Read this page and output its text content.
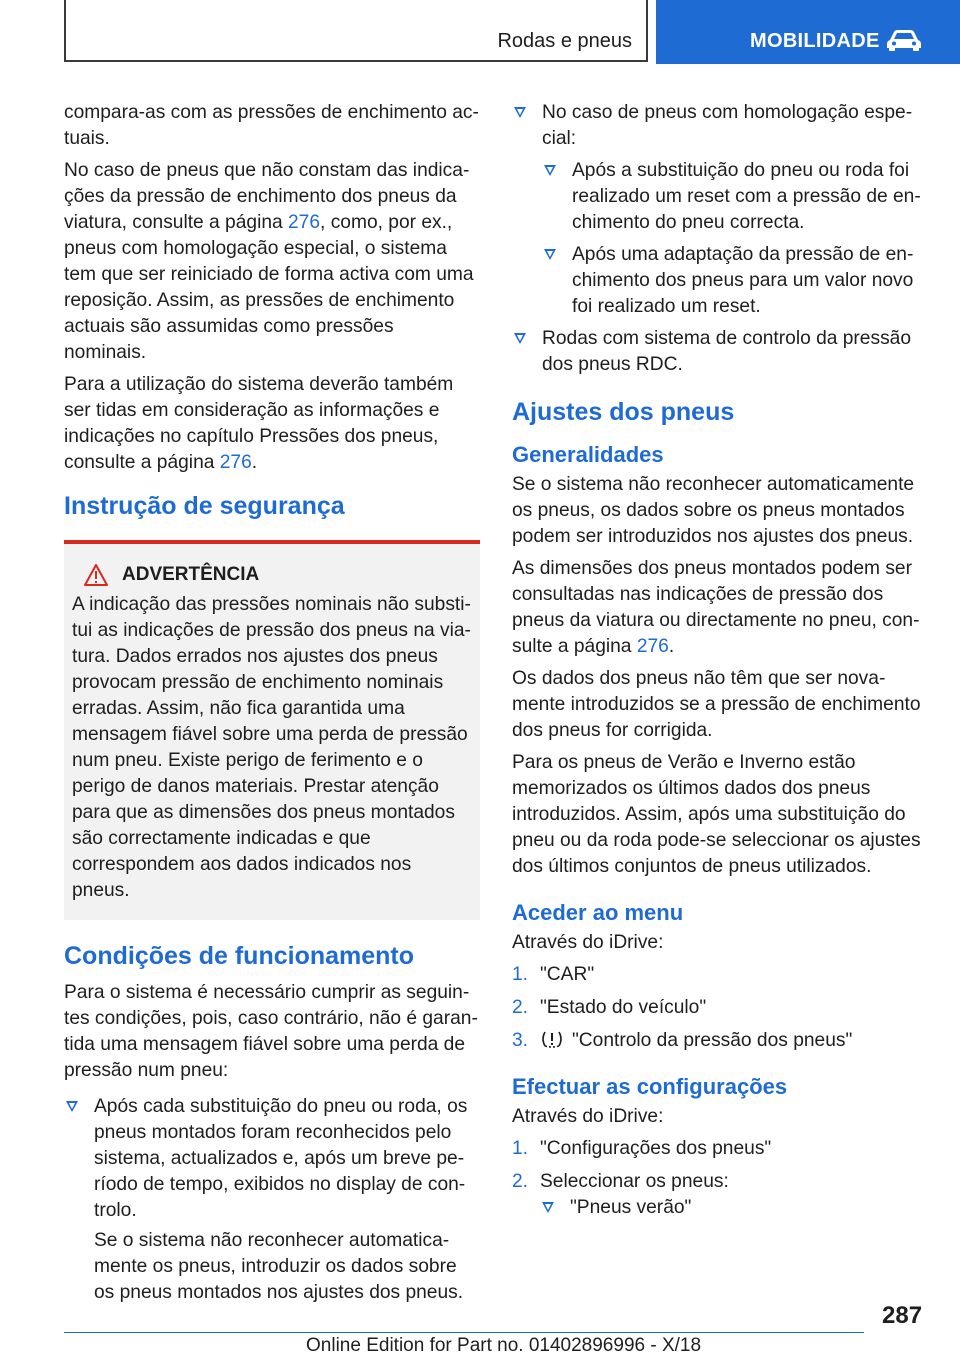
Rodas e pneus	MOBILIDADE

compara-as com as pressões de enchimento actuais.

No caso de pneus que não constam das indicações da pressão de enchimento dos pneus da viatura, consulte a página 276, como, por ex., pneus com homologação especial, o sistema tem que ser reiniciado de forma activa com uma reposição. Assim, as pressões de enchimento actuais são assumidas como pressões nominais.

Para a utilização do sistema deverão também ser tidas em consideração as informações e indicações no capítulo Pressões dos pneus, consulte a página 276.

Instrução de segurança
ADVERTÊNCIA

A indicação das pressões nominais não substitui as indicações de pressão dos pneus na viatura. Dados errados nos ajustes dos pneus provocam pressão de enchimento nominais erradas. Assim, não fica garantida uma mensagem fiável sobre uma perda de pressão num pneu. Existe perigo de ferimento e o perigo de danos materiais. Prestar atenção para que as dimensões dos pneus montados são correctamente indicadas e que correspondem aos dados indicados nos pneus.

Condições de funcionamento

Para o sistema é necessário cumprir as seguintes condições, pois, caso contrário, não é garantida uma mensagem fiável sobre uma perda de pressão num pneu:

Após cada substituição do pneu ou roda, os pneus montados foram reconhecidos pelo sistema, actualizados e, após um breve período de tempo, exibidos no display de controlo.

Se o sistema não reconhecer automaticamente os pneus, introduzir os dados sobre os pneus montados nos ajustes dos pneus.

No caso de pneus com homologação especial:
Após a substituição do pneu ou roda foi realizado um reset com a pressão de enchimento do pneu correcta.
Após uma adaptação da pressão de enchimento dos pneus para um valor novo foi realizado um reset.
Rodas com sistema de controlo da pressão dos pneus RDC.
Ajustes dos pneus
Generalidades

Se o sistema não reconhecer automaticamente os pneus, os dados sobre os pneus montados podem ser introduzidos nos ajustes dos pneus.

As dimensões dos pneus montados podem ser consultadas nas indicações de pressão dos pneus da viatura ou directamente no pneu, consulte a página 276.

Os dados dos pneus não têm que ser novamente introduzidos se a pressão de enchimento dos pneus for corrigida.

Para os pneus de Verão e Inverno estão memorizados os últimos dados dos pneus introduzidos. Assim, após uma substituição do pneu ou da roda pode-se seleccionar os ajustes dos últimos conjuntos de pneus utilizados.

Aceder ao menu

Através do iDrive:

1. "CAR"
2. "Estado do veículo"
3. "Controlo da pressão dos pneus"
Efectuar as configurações

Através do iDrive:

1. "Configurações dos pneus"
2. Seleccionar os pneus:
"Pneus verão"
287
Online Edition for Part no. 01402896996 - X/18
